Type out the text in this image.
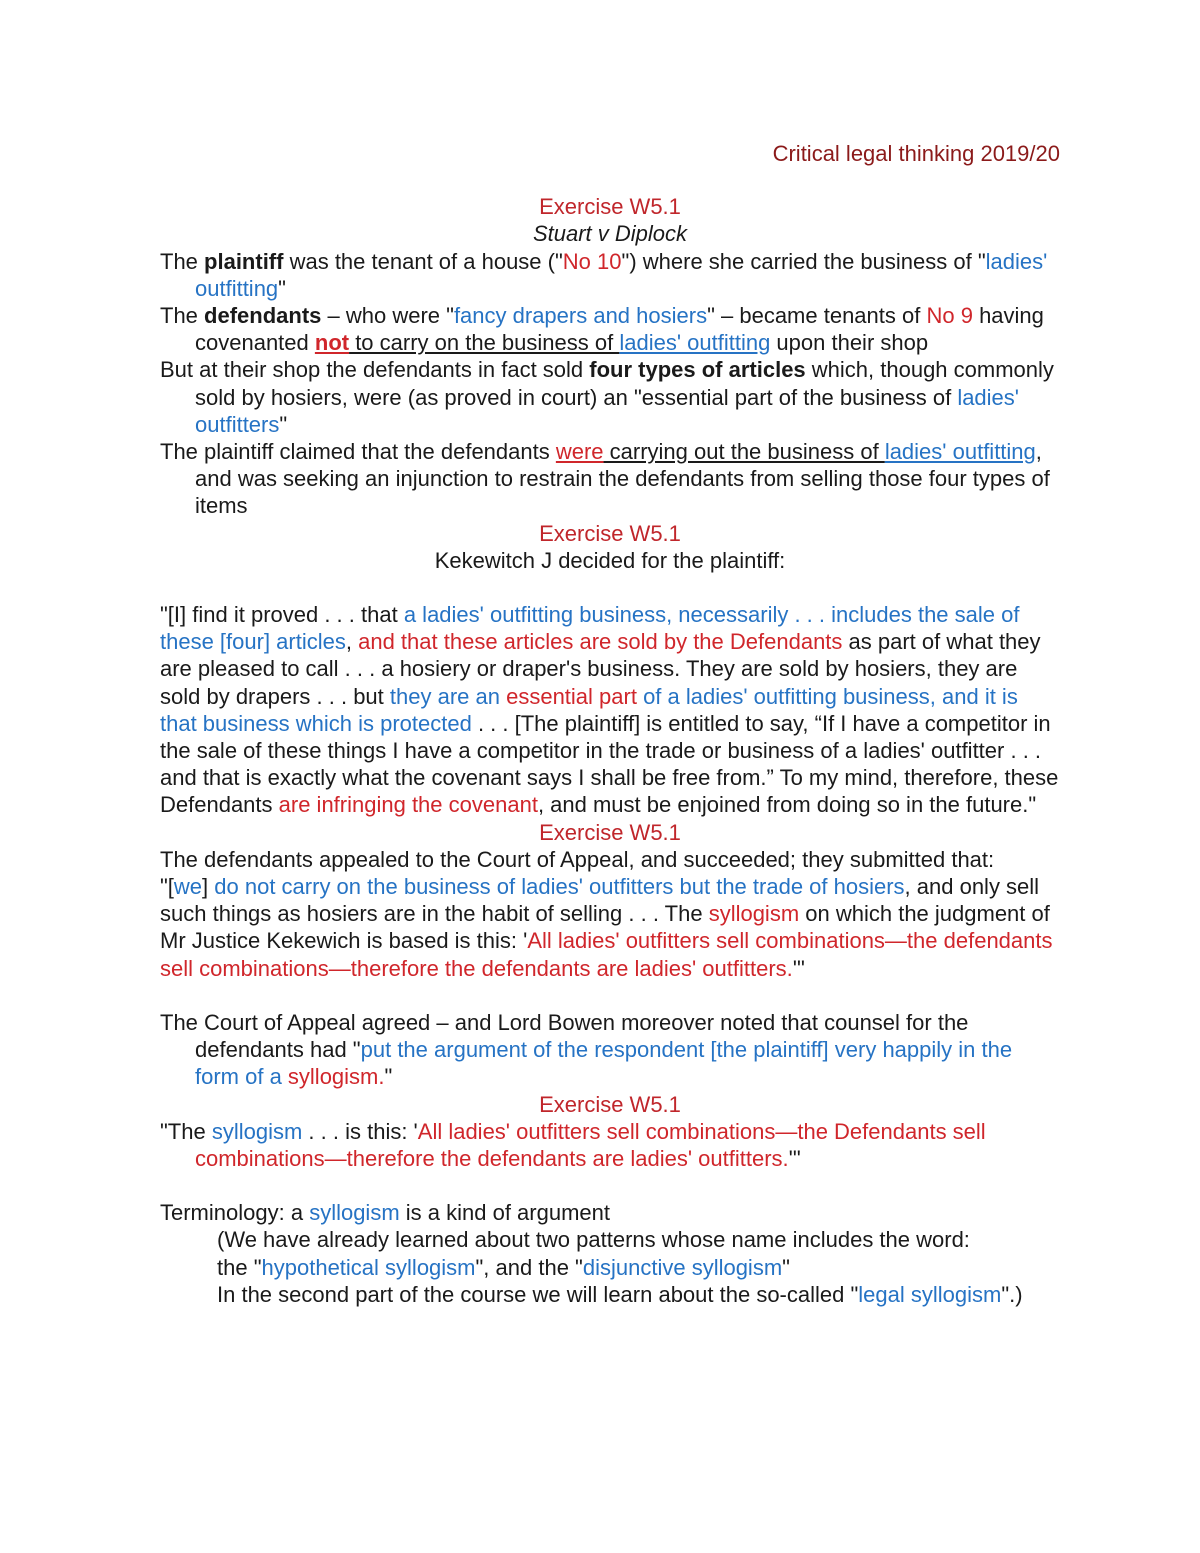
Critical legal thinking 2019/20
Exercise W5.1
Stuart v Diplock

The plaintiff was the tenant of a house ("No 10") where she carried the business of "ladies' outfitting"

The defendants – who were "fancy drapers and hosiers" – became tenants of No 9 having covenanted not to carry on the business of ladies' outfitting upon their shop

But at their shop the defendants in fact sold four types of articles which, though commonly sold by hosiers, were (as proved in court) an "essential part of the business of ladies' outfitters"

The plaintiff claimed that the defendants were carrying out the business of ladies' outfitting, and was seeking an injunction to restrain the defendants from selling those four types of items

Exercise W5.1
Kekewitch J decided for the plaintiff:

"[I] find it proved . . . that a ladies' outfitting business, necessarily . . . includes the sale of these [four] articles, and that these articles are sold by the Defendants as part of what they are pleased to call . . . a hosiery or draper's business. They are sold by hosiers, they are sold by drapers . . . but they are an essential part of a ladies' outfitting business, and it is that business which is protected . . . [The plaintiff] is entitled to say, “If I have a competitor in the sale of these things I have a competitor in the trade or business of a ladies' outfitter . . . and that is exactly what the covenant says I shall be free from.” To my mind, therefore, these Defendants are infringing the covenant, and must be enjoined from doing so in the future."

Exercise W5.1

The defendants appealed to the Court of Appeal, and succeeded; they submitted that:

"[we] do not carry on the business of ladies' outfitters but the trade of hosiers, and only sell such things as hosiers are in the habit of selling . . . The syllogism on which the judgment of Mr Justice Kekewich is based is this: 'All ladies' outfitters sell combinations—the defendants sell combinations—therefore the defendants are ladies' outfitters.'"

The Court of Appeal agreed – and Lord Bowen moreover noted that counsel for the defendants had "put the argument of the respondent [the plaintiff] very happily in the form of a syllogism."

Exercise W5.1

"The syllogism . . . is this: 'All ladies' outfitters sell combinations—the Defendants sell combinations—therefore the defendants are ladies' outfitters.'"

Terminology: a syllogism is a kind of argument

(We have already learned about two patterns whose name includes the word:
the "hypothetical syllogism", and the "disjunctive syllogism"
In the second part of the course we will learn about the so-called "legal syllogism".)
